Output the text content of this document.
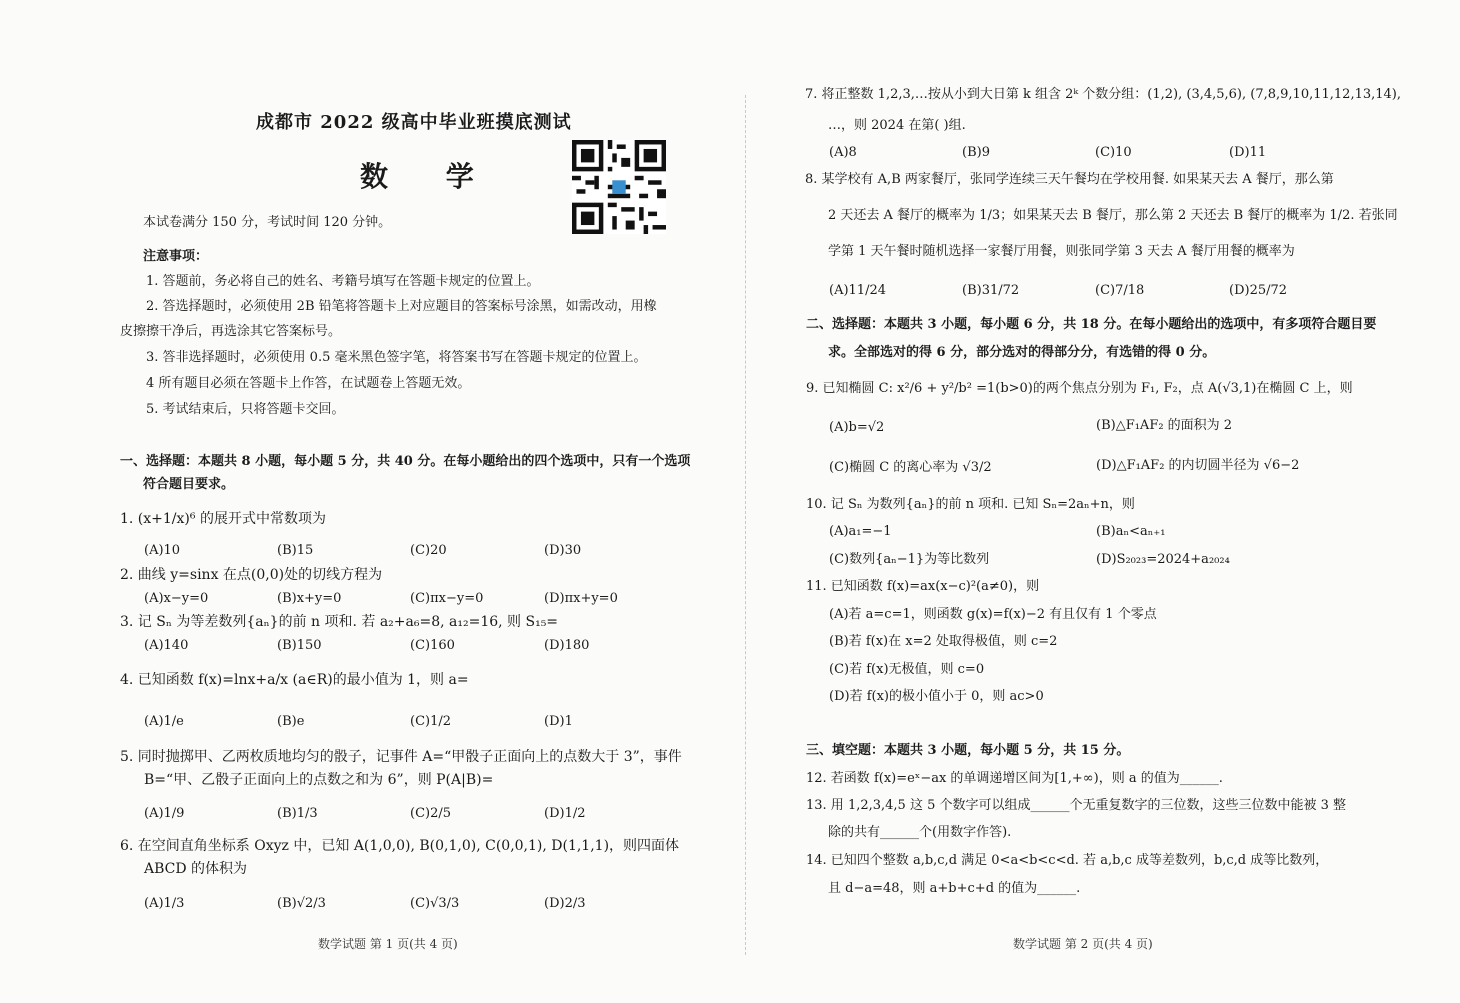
成都市 2022 级高中毕业班摸底测试
数 学
本试卷满分 150 分，考试时间 120 分钟。
注意事项：
1. 答题前，务必将自己的姓名、考籍号填写在答题卡规定的位置上。
2. 答选择题时，必须使用 2B 铅笔将答题卡上对应题目的答案标号涂黑，如需改动，用橡
皮擦擦干净后，再选涂其它答案标号。
3. 答非选择题时，必须使用 0.5 毫米黑色签字笔，将答案书写在答题卡规定的位置上。
4 所有题目必须在答题卡上作答，在试题卷上答题无效。
5. 考试结束后，只将答题卡交回。
一、选择题：本题共 8 小题，每小题 5 分，共 40 分。在每小题给出的四个选项中，只有一个选项
符合题目要求。
1. (x+1/x)⁶ 的展开式中常数项为
(A)10	(B)15	(C)20	(D)30
2. 曲线 y=sinx 在点(0,0)处的切线方程为
(A)x−y=0	(B)x+y=0	(C)πx−y=0	(D)πx+y=0
3. 记 Sₙ 为等差数列{aₙ}的前 n 项和. 若 a₂+a₆=8, a₁₂=16, 则 S₁₅=
(A)140	(B)150	(C)160	(D)180
4. 已知函数 f(x)=lnx+a/x (a∈R)的最小值为 1，则 a=
(A)1/e	(B)e	(C)1/2	(D)1
5. 同时抛掷甲、乙两枚质地均匀的骰子，记事件 A=“甲骰子正面向上的点数大于 3”，事件
B=“甲、乙骰子正面向上的点数之和为 6”，则 P(A|B)=
(A)1/9	(B)1/3	(C)2/5	(D)1/2
6. 在空间直角坐标系 Oxyz 中，已知 A(1,0,0), B(0,1,0), C(0,0,1), D(1,1,1)，则四面体
ABCD 的体积为
(A)1/3	(B)√2/3	(C)√3/3	(D)2/3
数学试题 第 1 页(共 4 页)
7. 将正整数 1,2,3,…按从小到大日第 k 组含 2ᵏ 个数分组：(1,2), (3,4,5,6), (7,8,9,10,11,12,13,14),
…，则 2024 在第( )组.
(A)8	(B)9	(C)10	(D)11
8. 某学校有 A,B 两家餐厅，张同学连续三天午餐均在学校用餐. 如果某天去 A 餐厅，那么第
2 天还去 A 餐厅的概率为 1/3；如果某天去 B 餐厅，那么第 2 天还去 B 餐厅的概率为 1/2. 若张同
学第 1 天午餐时随机选择一家餐厅用餐，则张同学第 3 天去 A 餐厅用餐的概率为
(A)11/24	(B)31/72	(C)7/18	(D)25/72
二、选择题：本题共 3 小题，每小题 6 分，共 18 分。在每小题给出的选项中，有多项符合题目要
求。全部选对的得 6 分，部分选对的得部分分，有选错的得 0 分。
9. 已知椭圆 C: x²/6 + y²/b² =1(b>0)的两个焦点分别为 F₁, F₂，点 A(√3,1)在椭圆 C 上，则
(A)b=√2	(B)△F₁AF₂ 的面积为 2
(C)椭圆 C 的离心率为 √3/2	(D)△F₁AF₂ 的内切圆半径为 √6−2
10. 记 Sₙ 为数列{aₙ}的前 n 项和. 已知 Sₙ=2aₙ+n，则
(A)a₁=−1	(B)aₙ<aₙ₊₁
(C)数列{aₙ−1}为等比数列	(D)S₂₀₂₃=2024+a₂₀₂₄
11. 已知函数 f(x)=ax(x−c)²(a≠0)，则
(A)若 a=c=1，则函数 g(x)=f(x)−2 有且仅有 1 个零点
(B)若 f(x)在 x=2 处取得极值，则 c=2
(C)若 f(x)无极值，则 c=0
(D)若 f(x)的极小值小于 0，则 ac>0
三、填空题：本题共 3 小题，每小题 5 分，共 15 分。
12. 若函数 f(x)=eˣ−ax 的单调递增区间为[1,+∞)，则 a 的值为______.
13. 用 1,2,3,4,5 这 5 个数字可以组成______个无重复数字的三位数，这些三位数中能被 3 整
除的共有______个(用数字作答).
14. 已知四个整数 a,b,c,d 满足 0<a<b<c<d. 若 a,b,c 成等差数列，b,c,d 成等比数列，
且 d−a=48，则 a+b+c+d 的值为______.
数学试题 第 2 页(共 4 页)
